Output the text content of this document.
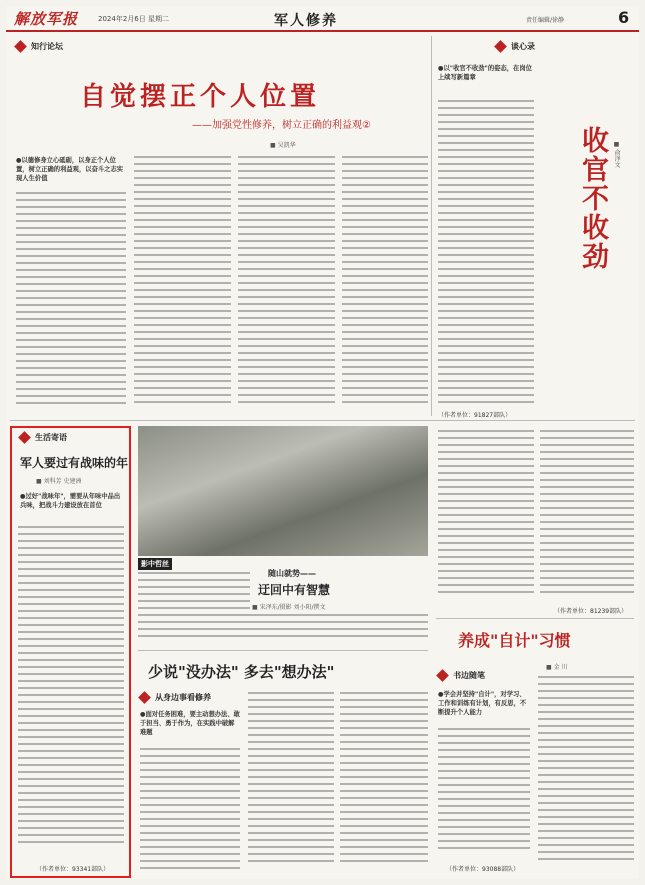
解放军报	2024年2月6日 星期二	军人修养	责任编辑/徐静	6
知行论坛
自觉摆正个人位置
——加强党性修养，树立正确的利益观②
■ 吴凯华
●以德修身立心砥砺，以身正个人位置，树立正确的利益观，以奋斗之志实现人生价值
谈心录
●以"收官不收劲"的姿态，在岗位上续写新篇章
收官不收劲 ■ 俞泽文
（作者单位：91827部队）
生活寄语
军人要过有战味的年
■ 刘科芳 史建洲
●过好"战味年"，需要从年味中品出兵味，把战斗力建设放在首位
（作者单位：93341部队）
影中哲丝
随山就势——
迂回中有智慧
■ 宋泽东/摄影 刘小阳/撰文
（作者单位：81239部队）
养成"自计"习惯
■ 金 川
书边随笔
●学会并坚持"自计"，对学习、工作和训练有计划，有反思，不断提升个人能力
（作者单位：93088部队）
少说"没办法" 多去"想办法"
从身边事看修养
●面对任务困难，要主动想办法、敢于担当、勇于作为，在实践中破解难题
